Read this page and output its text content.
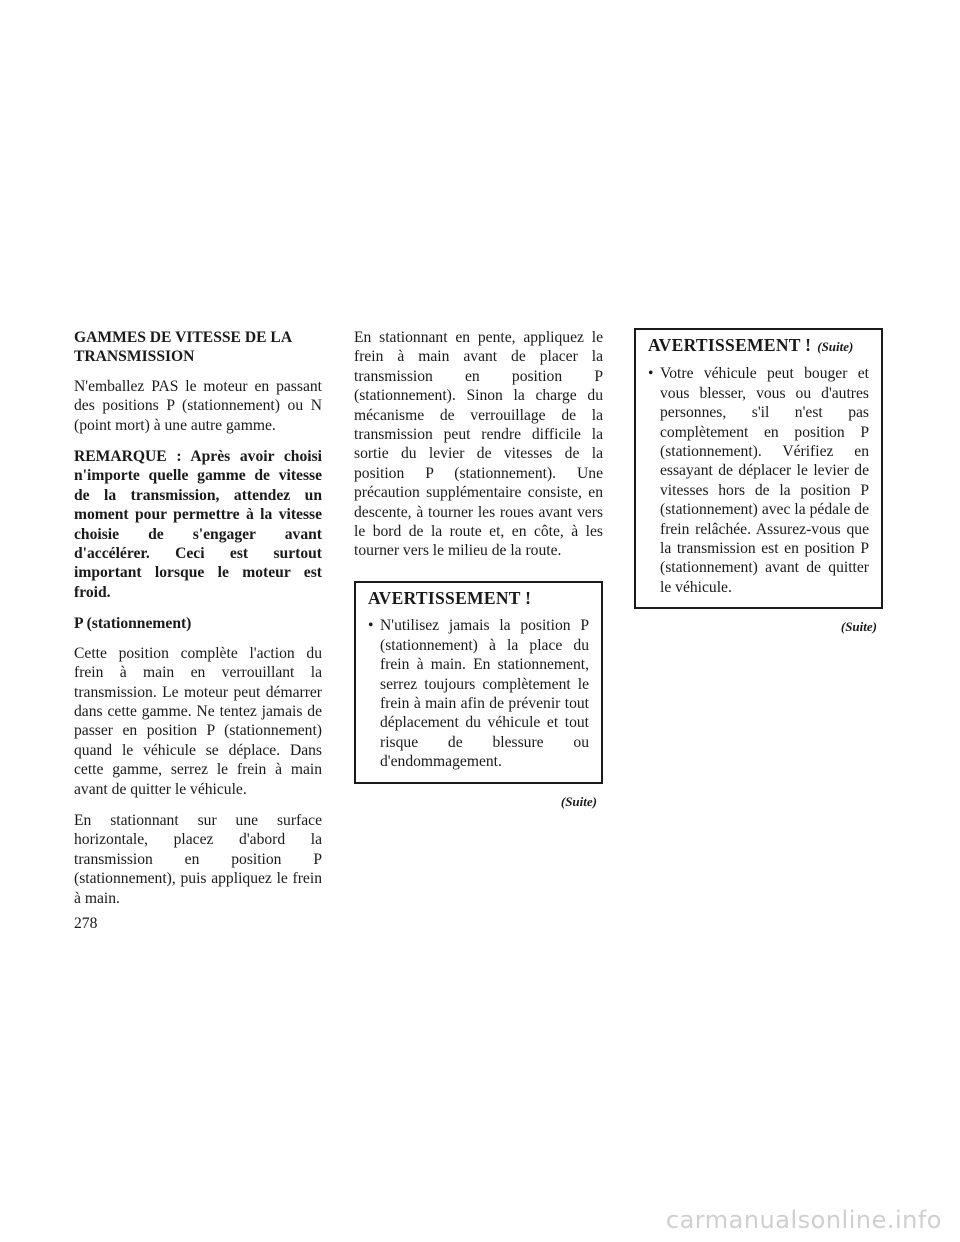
GAMMES DE VITESSE DE LA TRANSMISSION

N'emballez PAS le moteur en passant des positions P (stationnement) ou N (point mort) à une autre gamme.

REMARQUE : Après avoir choisi n'importe quelle gamme de vitesse de la transmission, attendez un moment pour permettre à la vitesse choisie de s'engager avant d'accélérer. Ceci est surtout important lorsque le moteur est froid.

P (stationnement)

Cette position complète l'action du frein à main en verrouillant la transmission. Le moteur peut démarrer dans cette gamme. Ne tentez jamais de passer en position P (stationnement) quand le véhicule se déplace. Dans cette gamme, serrez le frein à main avant de quitter le véhicule.

En stationnant sur une surface horizontale, placez d'abord la transmission en position P (stationnement), puis appliquez le frein à main.

En stationnant en pente, appliquez le frein à main avant de placer la transmission en position P (stationnement). Sinon la charge du mécanisme de verrouillage de la transmission peut rendre difficile la sortie du levier de vitesses de la position P (stationnement). Une précaution supplémentaire consiste, en descente, à tourner les roues avant vers le bord de la route et, en côte, à les tourner vers le milieu de la route.

AVERTISSEMENT !
• N'utilisez jamais la position P (stationnement) à la place du frein à main. En stationnement, serrez toujours complètement le frein à main afin de prévenir tout déplacement du véhicule et tout risque de blessure ou d'endommagement.
(Suite)
AVERTISSEMENT ! (Suite)
• Votre véhicule peut bouger et vous blesser, vous ou d'autres personnes, s'il n'est pas complètement en position P (stationnement). Vérifiez en essayant de déplacer le levier de vitesses hors de la position P (stationnement) avec la pédale de frein relâchée. Assurez-vous que la transmission est en position P (stationnement) avant de quitter le véhicule.
(Suite)
278
carmanualsonline.info
